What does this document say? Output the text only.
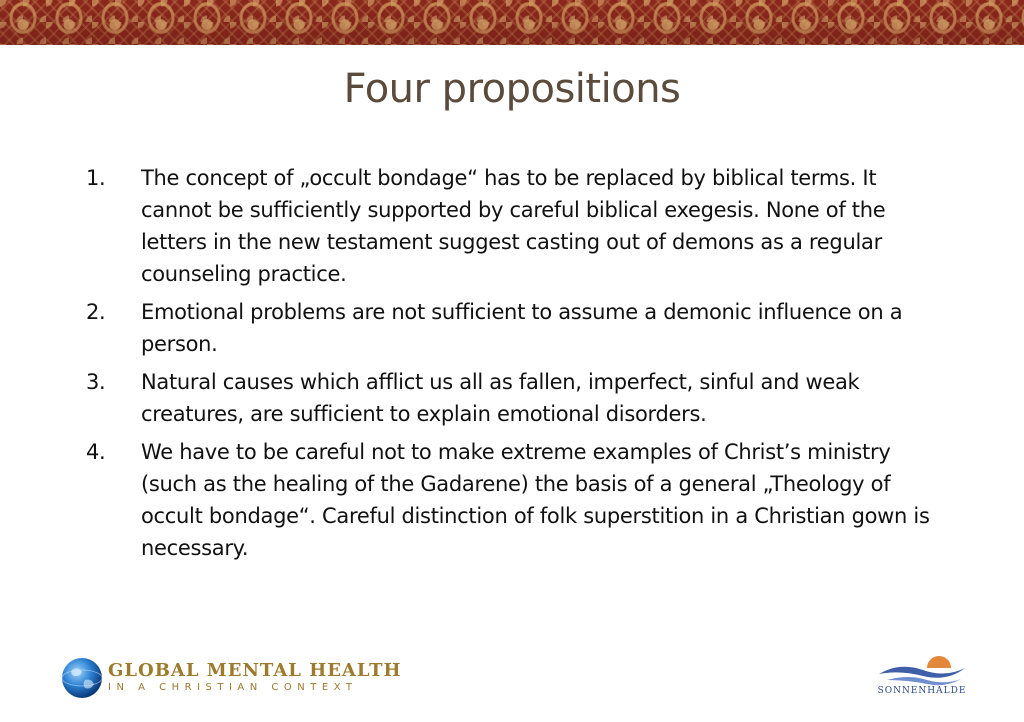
Four propositions
1.	The concept of „occult bondage“ has to be replaced by biblical terms. It cannot be sufficiently supported by careful biblical exegesis. None of the letters in the new testament suggest casting out of demons as a regular counseling practice.
2.	Emotional problems are not sufficient to assume a demonic influence on a person.
3.	Natural causes which afflict us all as fallen, imperfect, sinful and weak creatures, are sufficient to explain emotional disorders.
4.	We have to be careful not to make extreme examples of Christ’s ministry (such as the healing of the Gadarene) the basis of a general „Theology of occult bondage“. Careful distinction of folk superstition in a Christian gown is necessary.
GLOBAL MENTAL HEALTH
IN A CHRISTIAN CONTEXT	SONNENHALDE
